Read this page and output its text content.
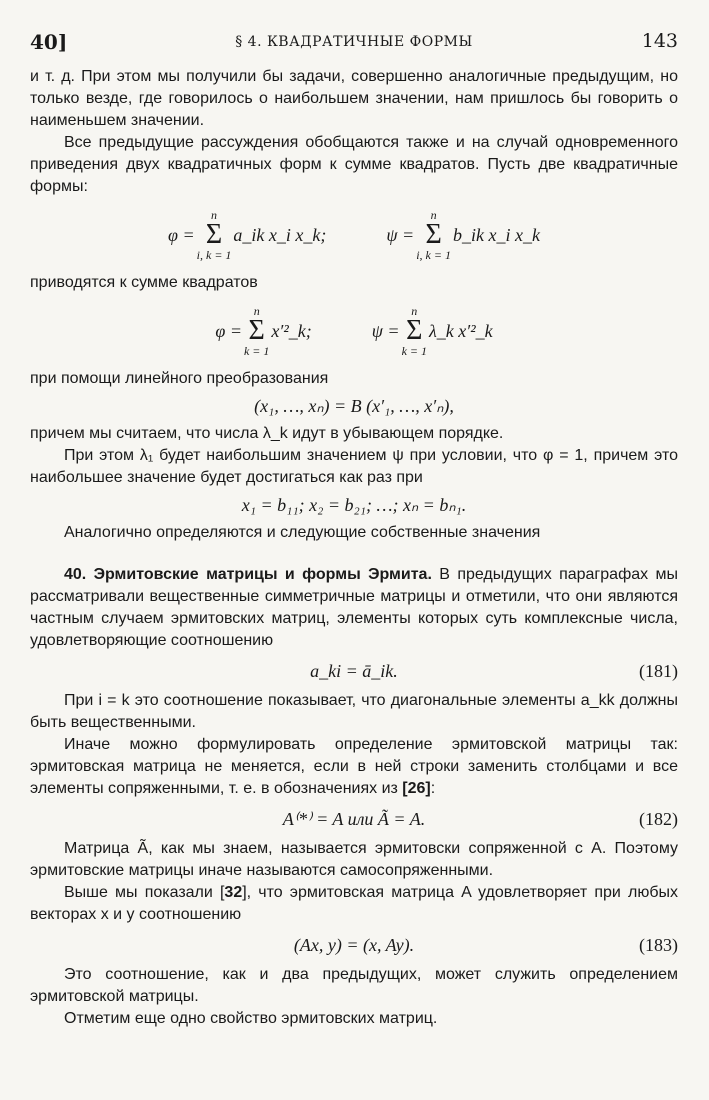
40]	§ 4. КВАДРАТИЧНЫЕ ФОРМЫ	143

и т. д. При этом мы получили бы задачи, совершенно аналогичные предыдущим, но только везде, где говорилось о наибольшем значении, нам пришлось бы говорить о наименьшем значении.

Все предыдущие рассуждения обобщаются также и на случай одновременного приведения двух квадратичных форм к сумме квадратов. Пусть две квадратичные формы:

φ =
n
Σ
i, k = 1
a_ik x_i x_k;	ψ =
n
Σ
i, k = 1
b_ik x_i x_k

приводятся к сумме квадратов

φ =
n
Σ
k = 1
x′²_k;	ψ =
n
Σ
k = 1
λ_k x′²_k

при помощи линейного преобразования

(x₁, …, xₙ) = B (x′₁, …, x′ₙ),

причем мы считаем, что числа λ_k идут в убывающем порядке.

При этом λ₁ будет наибольшим значением ψ при условии, что φ = 1, причем это наибольшее значение будет достигаться как раз при

x₁ = b₁₁; x₂ = b₂₁; …; xₙ = bₙ₁.

Аналогично определяются и следующие собственные значения

40. Эрмитовские матрицы и формы Эрмита. В предыдущих параграфах мы рассматривали вещественные симметричные матрицы и отметили, что они являются частным случаем эрмитовских матриц, элементы которых суть комплексные числа, удовлетворяющие соотношению

a_ki = ā_ik.	(181)

При i = k это соотношение показывает, что диагональные элементы a_kk должны быть вещественными.

Иначе можно формулировать определение эрмитовской матрицы так: эрмитовская матрица не меняется, если в ней строки заменить столбцами и все элементы сопряженными, т. е. в обозначениях из [26]:

A⁽*⁾ = A или Ã = A.	(182)

Матрица Ã, как мы знаем, называется эрмитовски сопряженной с A. Поэтому эрмитовские матрицы иначе называются самосопряженными.

Выше мы показали [32], что эрмитовская матрица A удовлетворяет при любых векторах x и y соотношению

(Ax, y) = (x, Ay).	(183)

Это соотношение, как и два предыдущих, может служить определением эрмитовской матрицы.

Отметим еще одно свойство эрмитовских матриц.
